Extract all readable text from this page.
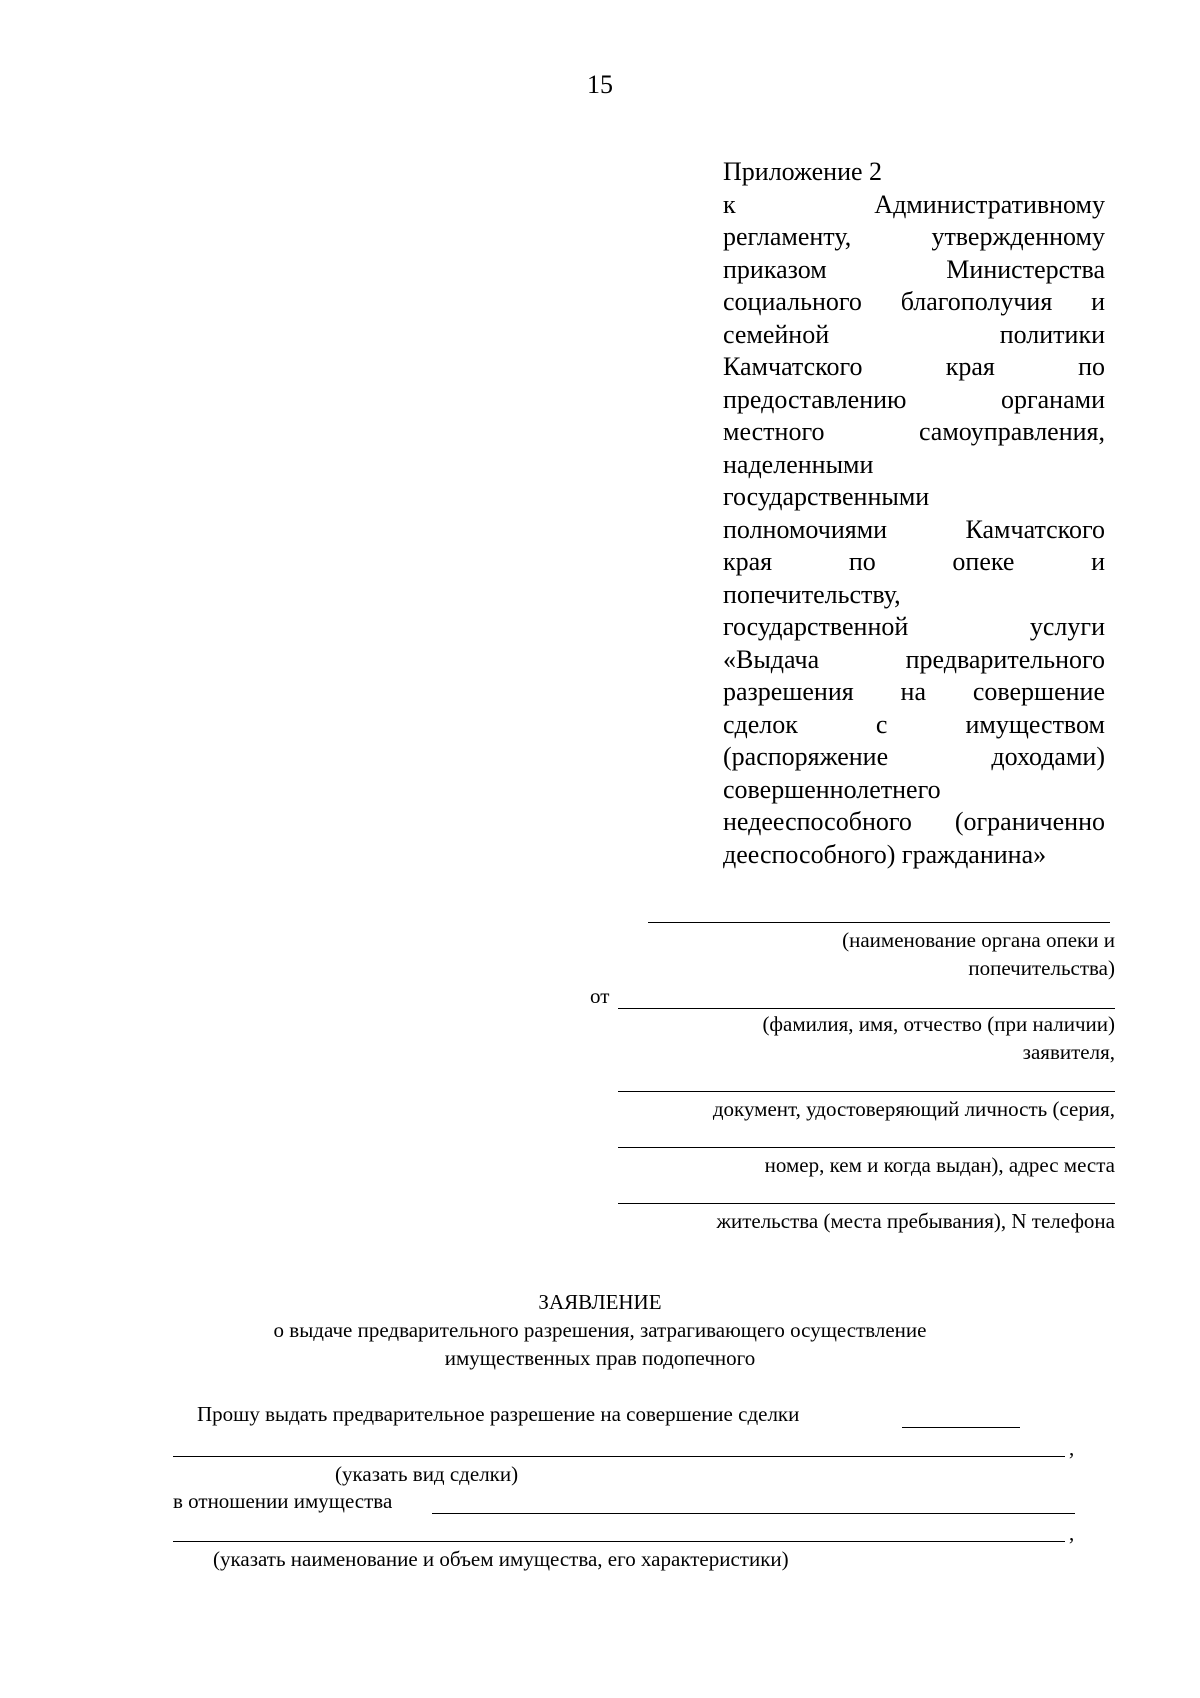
15
Приложение 2
к Административному
регламенту, утвержденному
приказом Министерства
социального благополучия и
семейной политики
Камчатского края по
предоставлению органами
местного самоуправления,
наделенными
государственными
полномочиями Камчатского
края по опеке и
попечительству,
государственной услуги
«Выдача предварительного
разрешения на совершение
сделок с имуществом
(распоряжение доходами)
совершеннолетнего
недееспособного (ограниченно
дееспособного) гражданина»
(наименование органа опеки и
попечительства)
от
(фамилия, имя, отчество (при наличии)
заявителя,
документ, удостоверяющий личность (серия,
номер, кем и когда выдан), адрес места
жительства (места пребывания), N телефона
ЗАЯВЛЕНИЕ
о выдаче предварительного разрешения, затрагивающего осуществление
имущественных прав подопечного
Прошу выдать предварительное разрешение на совершение сделки
,
(указать вид сделки)
в отношении имущества
,
(указать наименование и объем имущества, его характеристики)
